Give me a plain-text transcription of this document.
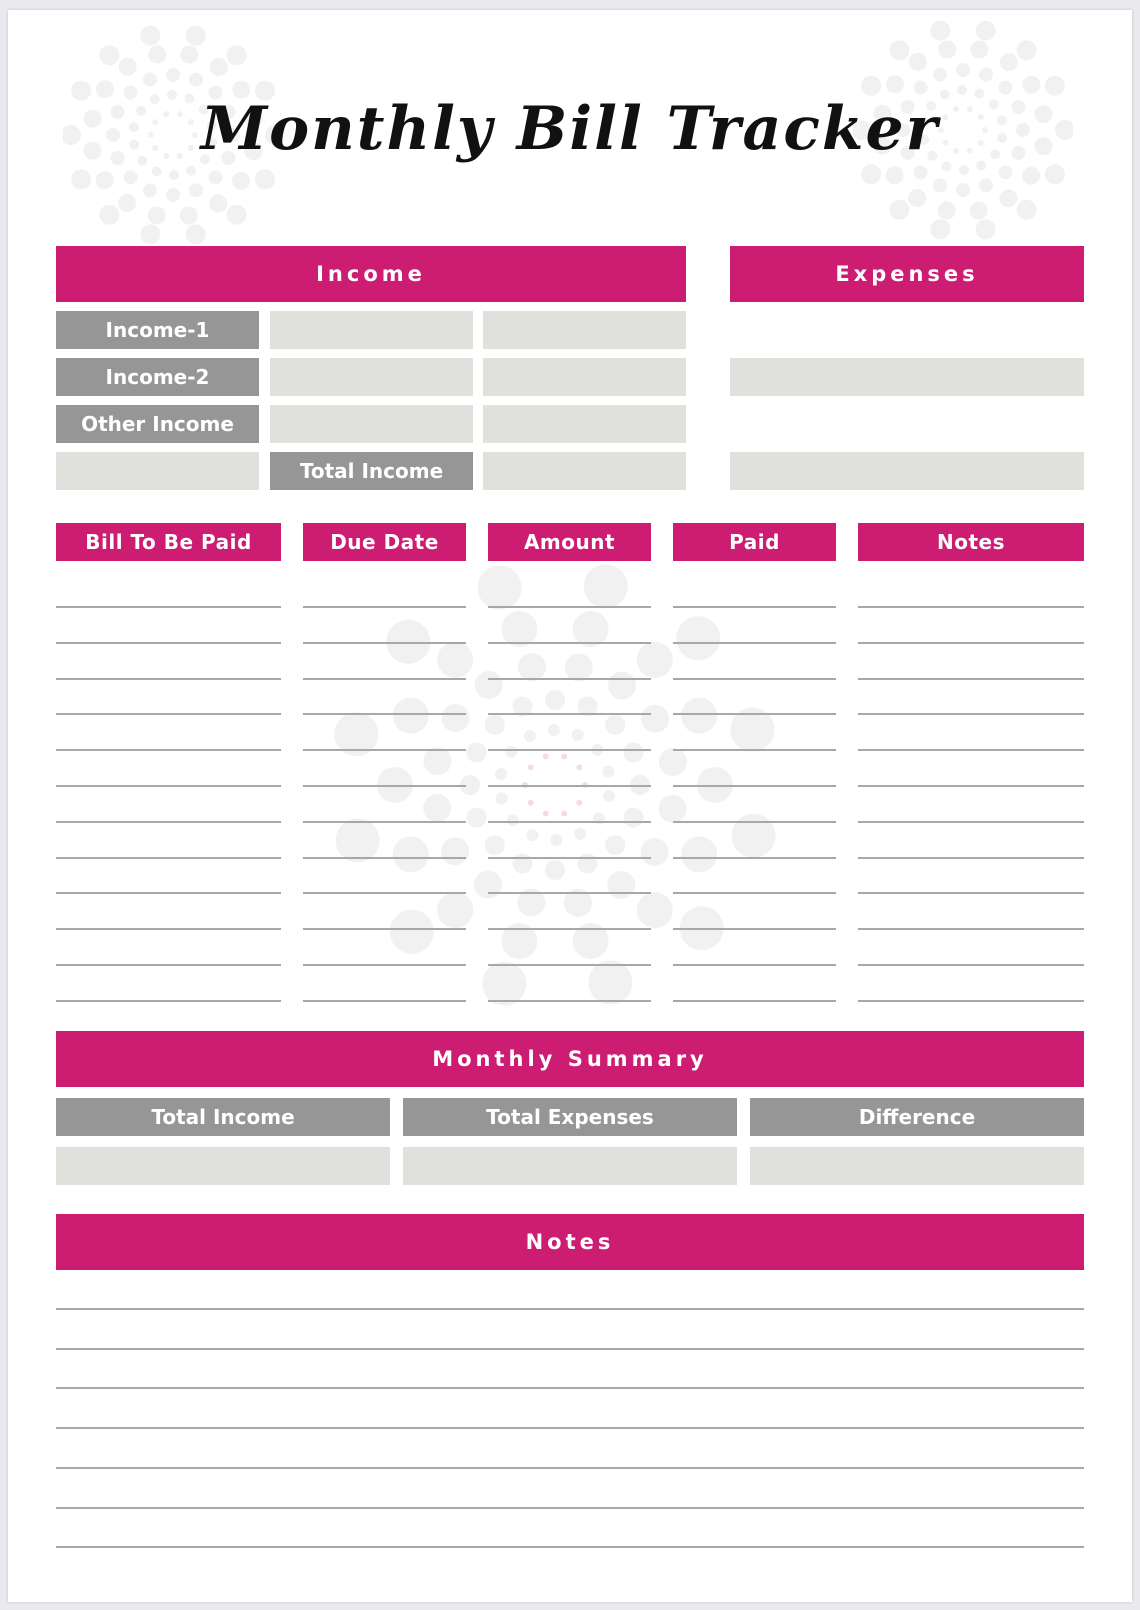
Monthly Bill Tracker
Income
Income-1
Income-2
Other Income
Total Income
Expenses
Bill To Be Paid	Due Date	Amount	Paid	Notes
Monthly Summary
Total Income	Total Expenses	Difference
Notes
